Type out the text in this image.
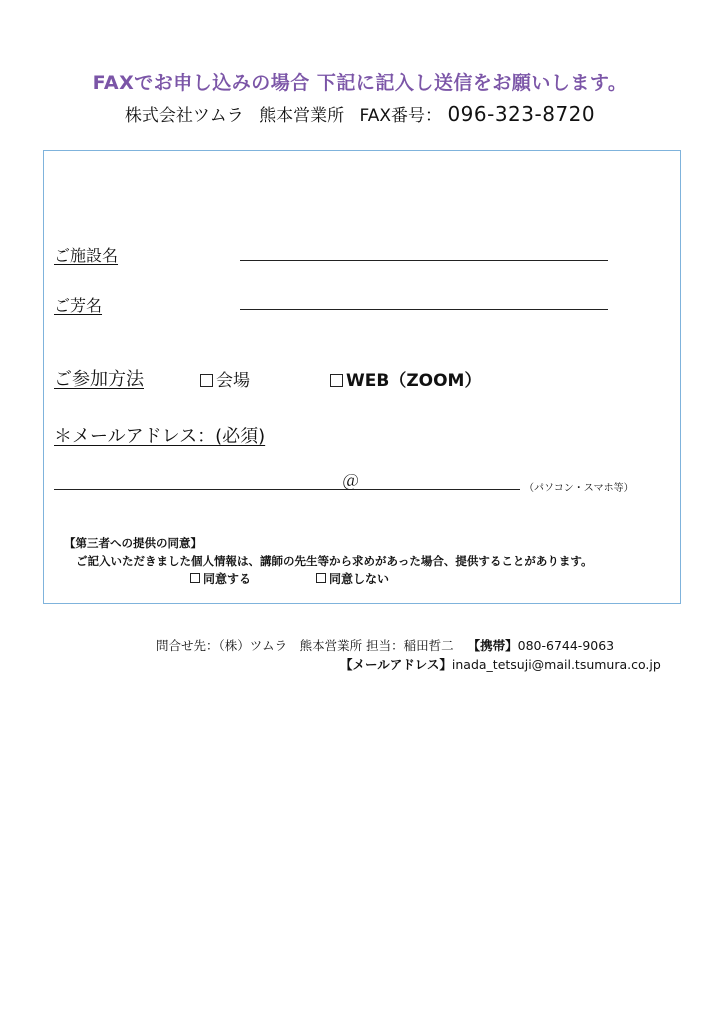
FAXでお申し込みの場合 下記に記入し送信をお願いします。
株式会社ツムラ 熊本営業所 FAX番号： 096-323-8720
ご施設名
ご芳名
ご参加方法	会場	WEB（ZOOM）
＊メールアドレス：(必須)
＠	（パソコン・スマホ等）
【第三者への提供の同意】
ご記入いただきました個人情報は、講師の先生等から求めがあった場合、提供することがあります。
同意する	同意しない
問合せ先：（株）ツムラ　熊本営業所 担当：稲田哲二 【携帯】080-6744-9063
【メールアドレス】inada_tetsuji@mail.tsumura.co.jp
